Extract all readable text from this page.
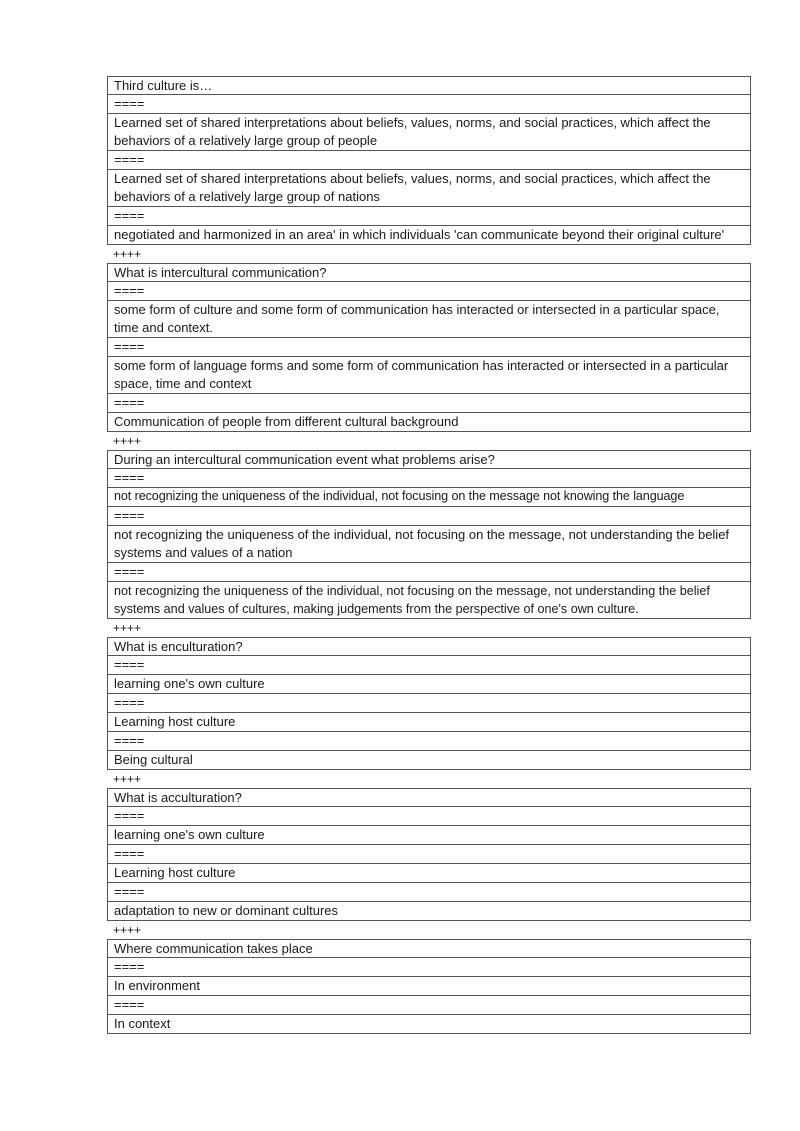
Third culture is…
====
Learned set of shared interpretations about beliefs, values, norms, and social practices, which affect the behaviors of a relatively large group of people
====
Learned set of shared interpretations about beliefs, values, norms, and social practices, which affect the behaviors of a relatively large group of nations
====
negotiated and harmonized in an area' in which individuals 'can communicate beyond their original culture'
++++
What is intercultural communication?
====
some form of culture and some form of communication has interacted or intersected in a particular space, time and context.
====
some form of language forms and some form of communication has interacted or intersected in a particular space, time and context
====
Communication of people from different cultural background
++++
During an intercultural communication event what problems arise?
====
not recognizing the uniqueness of the individual, not focusing on the message not knowing the language
====
not recognizing the uniqueness of the individual, not focusing on the message, not understanding the belief systems and values of a nation
====
not recognizing the uniqueness of the individual, not focusing on the message, not understanding the belief systems and values of cultures, making judgements from the perspective of one's own culture.
++++
What is enculturation?
====
learning one's own culture
====
Learning host culture
====
Being cultural
++++
What is acculturation?
====
learning one's own culture
====
Learning host culture
====
adaptation to new or dominant cultures
++++
Where communication takes place
====
In environment
====
In context
